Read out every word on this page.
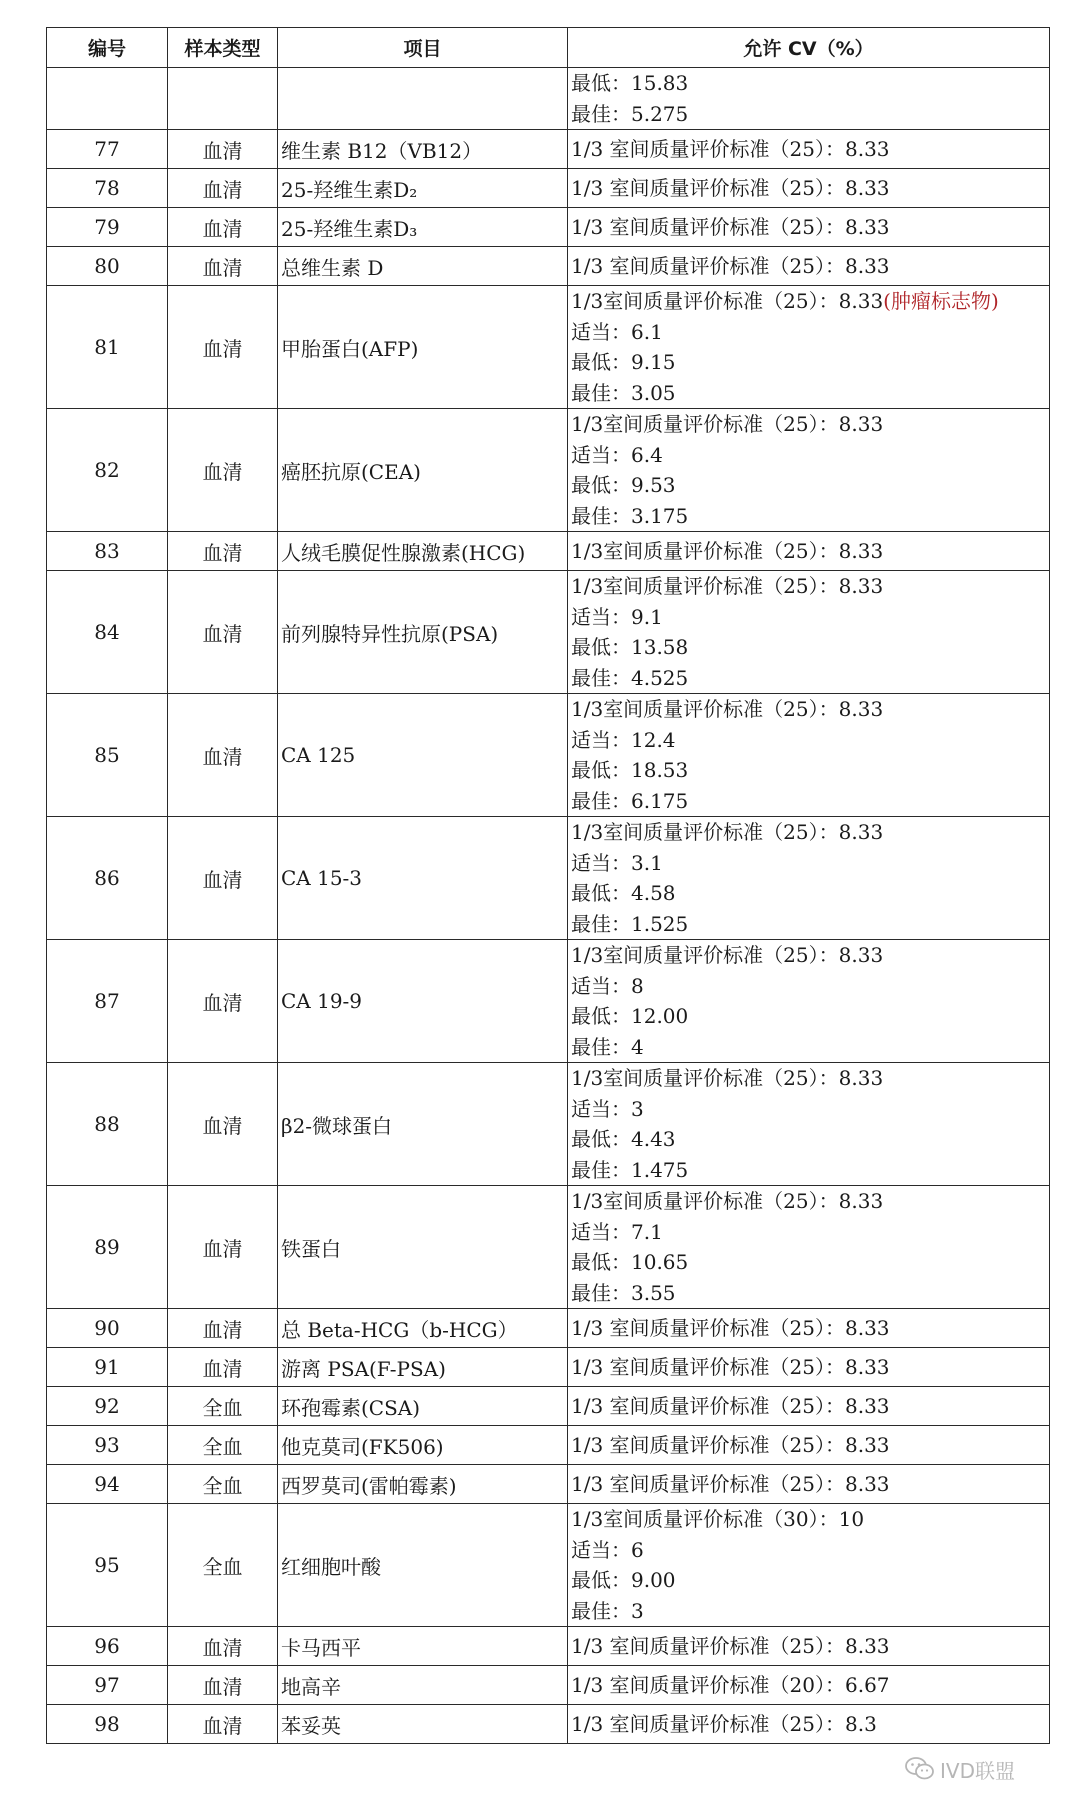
编号	样本类型	项目	允许 CV（%）

			最低：15.83
最佳：5.275

77	血清	维生素 B12（VB12）	1/3 室间质量评价标准（25）：8.33

78	血清	25-羟维生素D₂	1/3 室间质量评价标准（25）：8.33

79	血清	25-羟维生素D₃	1/3 室间质量评价标准（25）：8.33

80	血清	总维生素 D	1/3 室间质量评价标准（25）：8.33

81	血清	甲胎蛋白(AFP)	1/3室间质量评价标准（25）：8.33(肿瘤标志物)
适当：6.1
最低：9.15
最佳：3.05

82	血清	癌胚抗原(CEA)	1/3室间质量评价标准（25）：8.33
适当：6.4
最低：9.53
最佳：3.175

83	血清	人绒毛膜促性腺激素(HCG)	1/3室间质量评价标准（25）：8.33

84	血清	前列腺特异性抗原(PSA)	1/3室间质量评价标准（25）：8.33
适当：9.1
最低：13.58
最佳：4.525

85	血清	CA 125	1/3室间质量评价标准（25）：8.33
适当：12.4
最低：18.53
最佳：6.175

86	血清	CA 15-3	1/3室间质量评价标准（25）：8.33
适当：3.1
最低：4.58
最佳：1.525

87	血清	CA 19-9	1/3室间质量评价标准（25）：8.33
适当：8
最低：12.00
最佳：4

88	血清	β2-微球蛋白	1/3室间质量评价标准（25）：8.33
适当：3
最低：4.43
最佳：1.475

89	血清	铁蛋白	1/3室间质量评价标准（25）：8.33
适当：7.1
最低：10.65
最佳：3.55

90	血清	总 Beta-HCG（b-HCG）	1/3 室间质量评价标准（25）：8.33

91	血清	游离 PSA(F-PSA)	1/3 室间质量评价标准（25）：8.33

92	全血	环孢霉素(CSA)	1/3 室间质量评价标准（25）：8.33

93	全血	他克莫司(FK506)	1/3 室间质量评价标准（25）：8.33

94	全血	西罗莫司(雷帕霉素)	1/3 室间质量评价标准（25）：8.33

95	全血	红细胞叶酸	1/3室间质量评价标准（30）：10
适当：6
最低：9.00
最佳：3

96	血清	卡马西平	1/3 室间质量评价标准（25）：8.33

97	血清	地高辛	1/3 室间质量评价标准（20）：6.67

98	血清	苯妥英	1/3 室间质量评价标准（25）：8.3
IVD联盟
